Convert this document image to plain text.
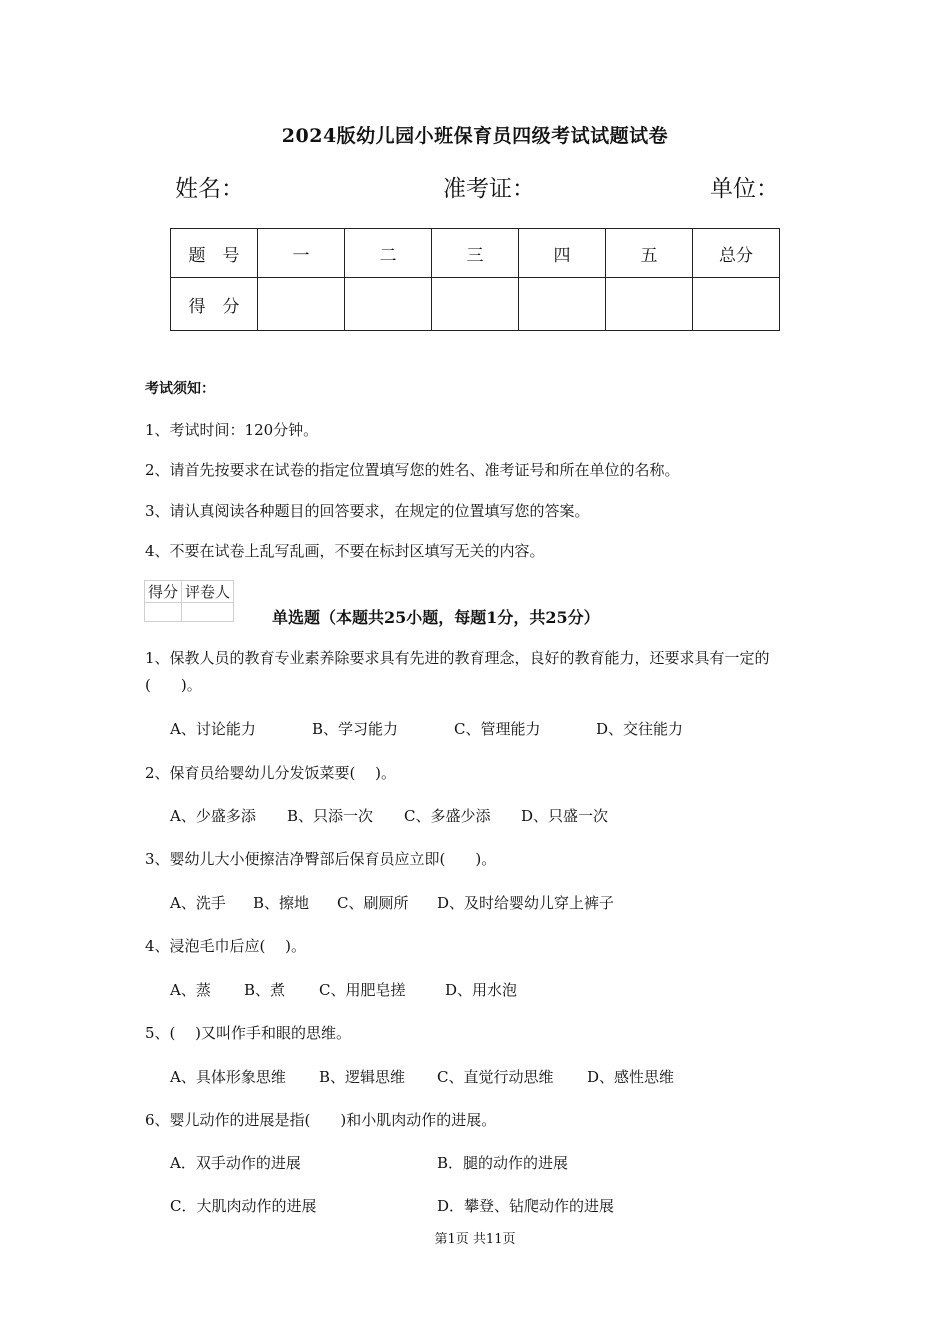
2024版幼儿园小班保育员四级考试试题试卷
姓名：	准考证：	单位：
题　号	一	二	三	四	五	总分
得　分						
考试须知：
1、考试时间：120分钟。
2、请首先按要求在试卷的指定位置填写您的姓名、准考证号和所在单位的名称。
3、请认真阅读各种题目的回答要求，在规定的位置填写您的答案。
4、不要在试卷上乱写乱画，不要在标封区填写无关的内容。
得分	评卷人

单选题（本题共25小题，每题1分，共25分）
1、保教人员的教育专业素养除要求具有先进的教育理念，良好的教育能力，还要求具有一定的(　　)。
A、讨论能力	B、学习能力	C、管理能力	D、交往能力
2、保育员给婴幼儿分发饭菜要(　 )。
A、少盛多添 B、只添一次 C、多盛少添 D、只盛一次
3、婴幼儿大小便擦洁净臀部后保育员应立即(　　)。
A、洗手 B、擦地 C、刷厕所 D、及时给婴幼儿穿上裤子
4、浸泡毛巾后应(　 )。
A、蒸 B、煮 C、用肥皂搓	D、用水泡
5、(　 )又叫作手和眼的思维。
A、具体形象思维 B、逻辑思维 C、直觉行动思维 D、感性思维
6、婴儿动作的进展是指(　　)和小肌肉动作的进展。
A．双手动作的进展	B．腿的动作的进展
C．大肌肉动作的进展	D．攀登、钻爬动作的进展
第1页 共11页
